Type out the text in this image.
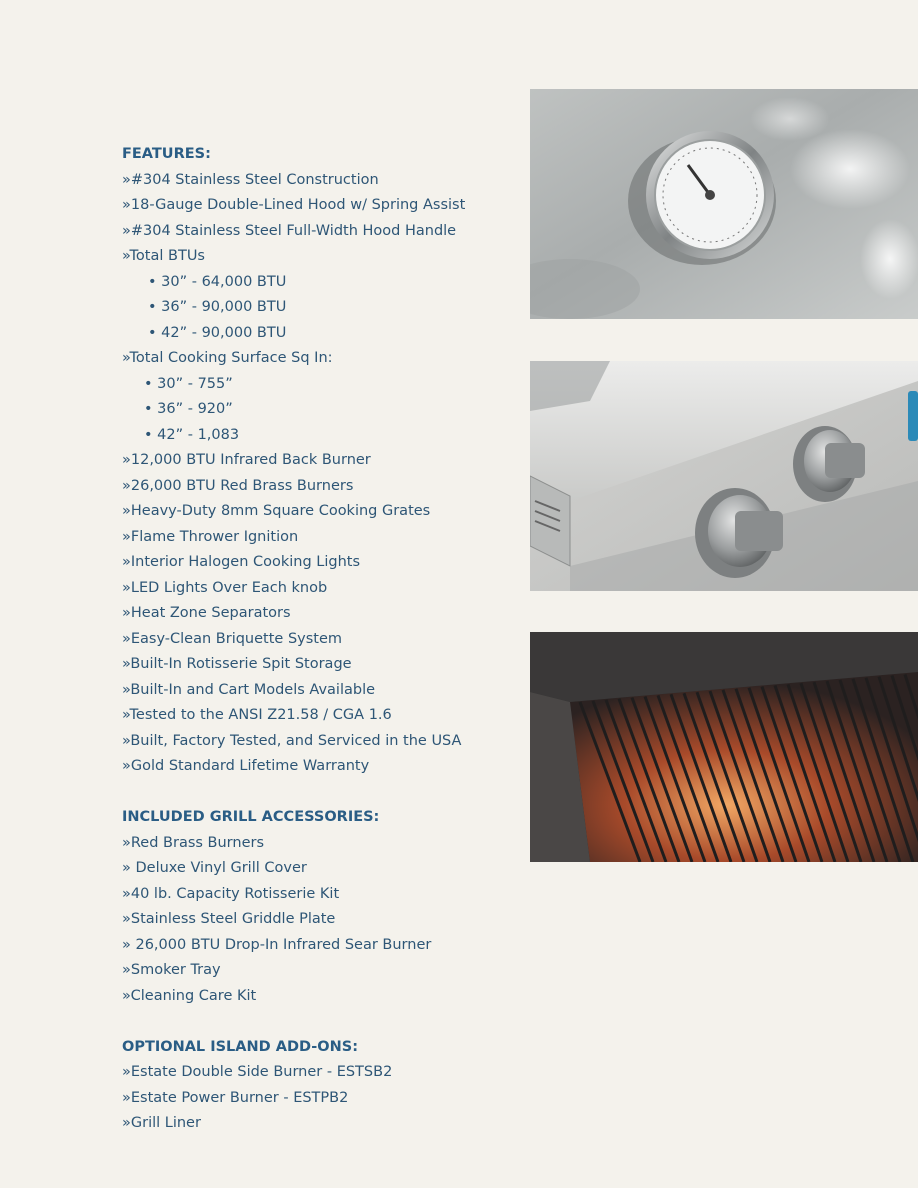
FEATURES:
»#304 Stainless Steel Construction
»18-Gauge Double-Lined Hood w/ Spring Assist
»#304 Stainless Steel Full-Width Hood Handle
»Total BTUs
• 30” - 64,000 BTU
• 36” - 90,000 BTU
• 42” - 90,000 BTU
»Total Cooking Surface Sq In:
• 30” - 755”
• 36” - 920”
• 42” - 1,083
»12,000 BTU Infrared Back Burner
»26,000 BTU Red Brass Burners
»Heavy-Duty 8mm Square Cooking Grates
»Flame Thrower Ignition
»Interior Halogen Cooking Lights
»LED Lights Over Each knob
»Heat Zone Separators
»Easy-Clean Briquette System
»Built-In Rotisserie Spit Storage
»Built-In and Cart Models Available
»Tested to the ANSI Z21.58 / CGA 1.6
»Built, Factory Tested, and Serviced in the USA
»Gold Standard Lifetime Warranty
INCLUDED GRILL ACCESSORIES:
»Red Brass Burners
» Deluxe Vinyl Grill Cover
»40 lb. Capacity Rotisserie Kit
»Stainless Steel Griddle Plate
» 26,000 BTU Drop-In Infrared Sear Burner
»Smoker Tray
»Cleaning Care Kit
OPTIONAL ISLAND ADD-ONS:
»Estate Double Side Burner - ESTSB2
»Estate Power Burner - ESTPB2
»Grill Liner
